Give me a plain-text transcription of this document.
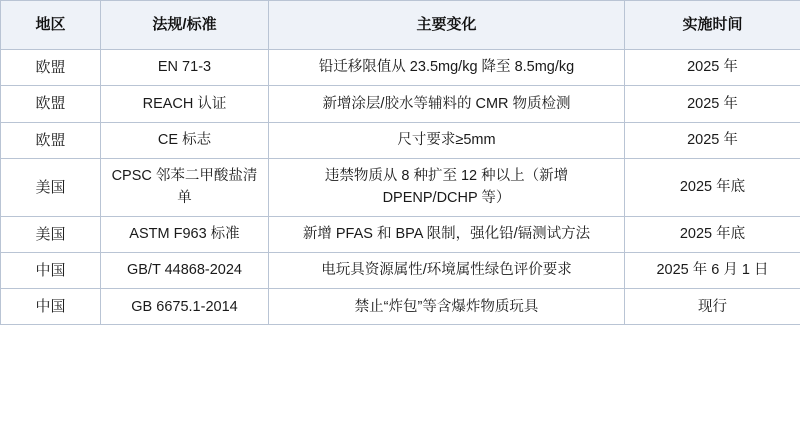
地区	法规/标准	主要变化	实施时间
欧盟	EN 71-3	铅迁移限值从 23.5mg/kg 降至 8.5mg/kg	2025 年
欧盟	REACH 认证	新增涂层/胶水等辅料的 CMR 物质检测	2025 年
欧盟	CE 标志	尺寸要求≥5mm	2025 年
美国	CPSC 邻苯二甲酸盐清单	违禁物质从 8 种扩至 12 种以上（新增 DPENP/DCHP 等）	2025 年底
美国	ASTM F963 标准	新增 PFAS 和 BPA 限制，强化铅/镉测试方法	2025 年底
中国	GB/T 44868-2024	电玩具资源属性/环境属性绿色评价要求	2025 年 6 月 1 日
中国	GB 6675.1-2014	禁止“炸包”等含爆炸物质玩具	现行
